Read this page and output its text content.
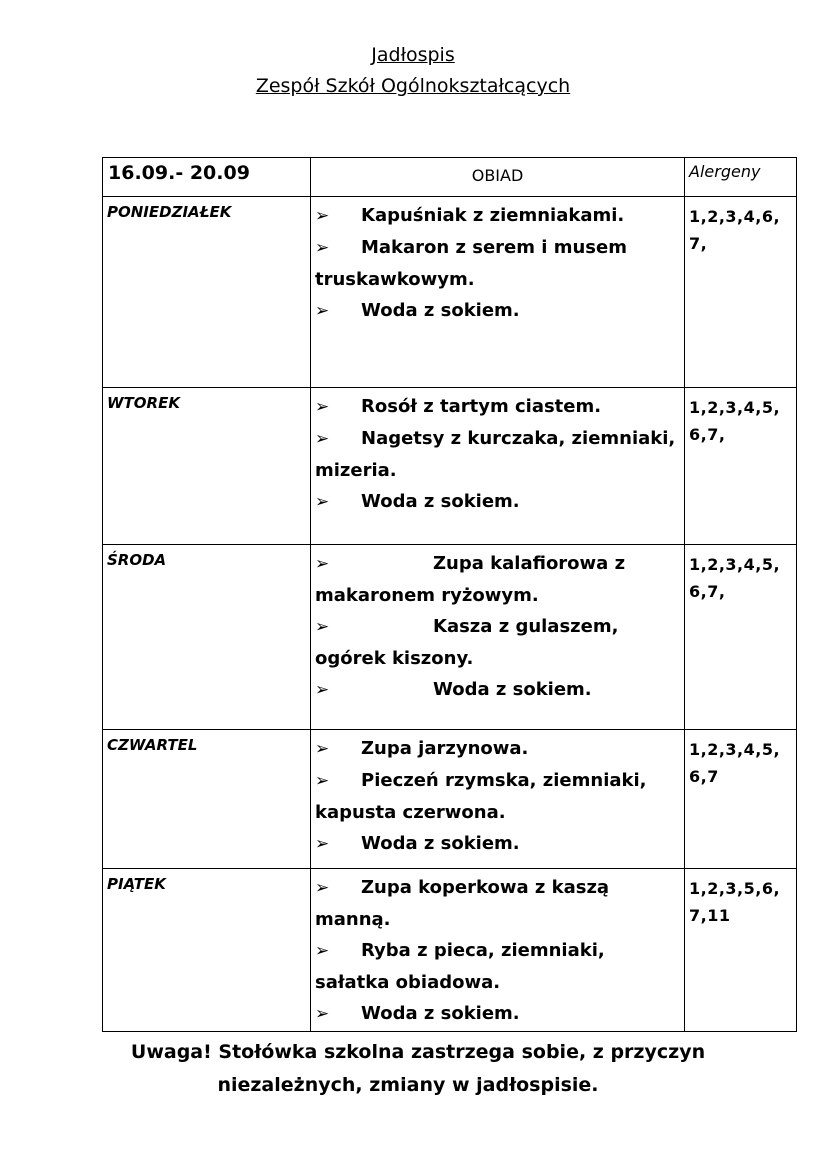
Jadłospis
Zespół Szkół Ogólnokształcących
16.09.- 20.09	OBIAD	Alergeny
PONIEDZIAŁEK	➢ Kapuśniak z ziemniakami.
➢ Makaron z serem i musem truskawkowym.
➢ Woda z sokiem.	1,2,3,4,6,7,
WTOREK	➢ Rosół z tartym ciastem.
➢ Nagetsy z kurczaka, ziemniaki, mizeria.
➢ Woda z sokiem.	1,2,3,4,5,6,7,
ŚRODA	➢ Zupa kalafiorowa z makaronem ryżowym.
➢ Kasza z gulaszem, ogórek kiszony.
➢ Woda z sokiem.	1,2,3,4,5,6,7,
CZWARTEL	➢ Zupa jarzynowa.
➢ Pieczeń rzymska, ziemniaki, kapusta czerwona.
➢ Woda z sokiem.	1,2,3,4,5,6,7
PIĄTEK	➢ Zupa koperkowa z kaszą manną.
➢ Ryba z pieca, ziemniaki, sałatka obiadowa.
➢ Woda z sokiem.	1,2,3,5,6,7,11
Uwaga! Stołówka szkolna zastrzega sobie, z przyczyn
niezależnych, zmiany w jadłospisie.
